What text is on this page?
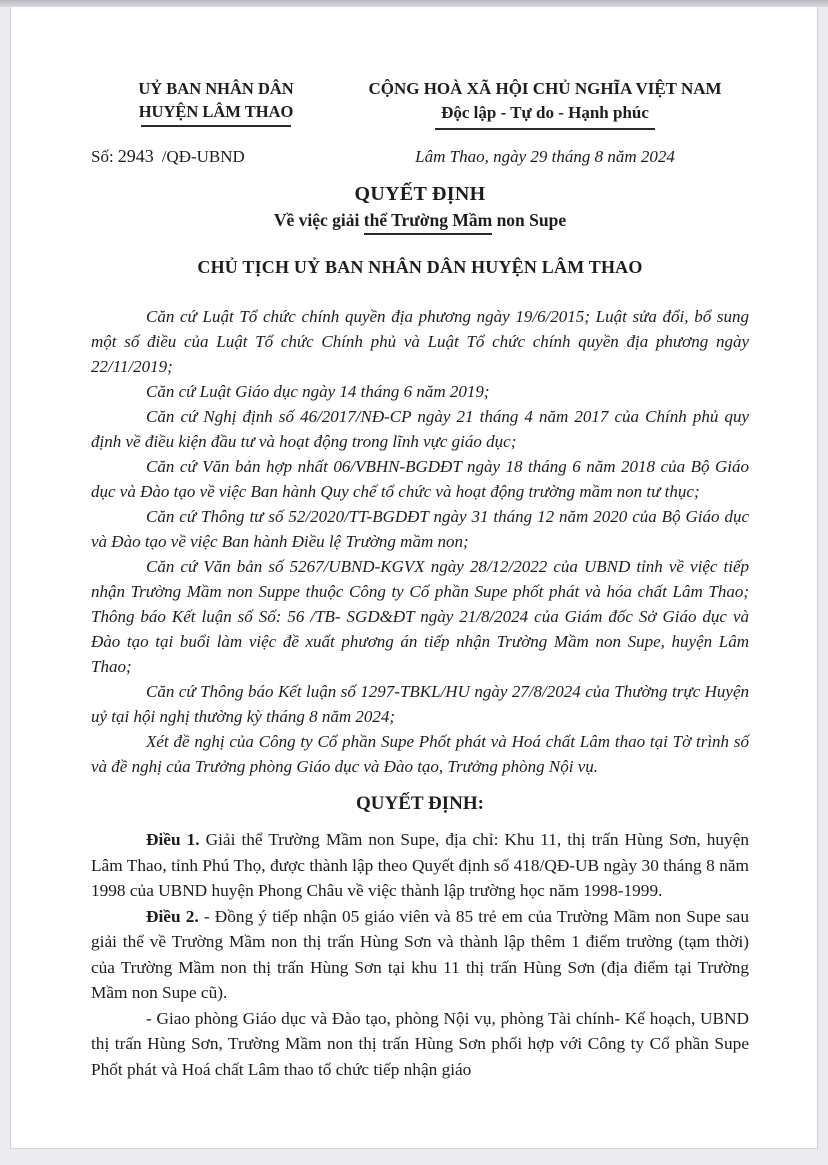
UỶ BAN NHÂN DÂN
HUYỆN LÂM THAO
CỘNG HOÀ XÃ HỘI CHỦ NGHĨA VIỆT NAM
Độc lập - Tự do - Hạnh phúc
Số: 2943 /QĐ-UBND	Lâm Thao, ngày 29 tháng 8 năm 2024
QUYẾT ĐỊNH
Về việc giải thể Trường Mầm non Supe
CHỦ TỊCH UỶ BAN NHÂN DÂN HUYỆN LÂM THAO

Căn cứ Luật Tổ chức chính quyền địa phương ngày 19/6/2015; Luật sửa đổi, bổ sung một số điều của Luật Tổ chức Chính phủ và Luật Tổ chức chính quyền địa phương ngày 22/11/2019;

Căn cứ Luật Giáo dục ngày 14 tháng 6 năm 2019;

Căn cứ Nghị định số 46/2017/NĐ-CP ngày 21 tháng 4 năm 2017 của Chính phủ quy định về điều kiện đầu tư và hoạt động trong lĩnh vực giáo dục;

Căn cứ Văn bản hợp nhất 06/VBHN-BGDĐT ngày 18 tháng 6 năm 2018 của Bộ Giáo dục và Đào tạo về việc Ban hành Quy chế tổ chức và hoạt động trường mầm non tư thục;

Căn cứ Thông tư số 52/2020/TT-BGDĐT ngày 31 tháng 12 năm 2020 của Bộ Giáo dục và Đào tạo về việc Ban hành Điều lệ Trường mầm non;

Căn cứ Văn bản số 5267/UBND-KGVX ngày 28/12/2022 của UBND tỉnh về việc tiếp nhận Trường Mầm non Suppe thuộc Công ty Cổ phần Supe phốt phát và hóa chất Lâm Thao; Thông báo Kết luận số Số: 56 /TB- SGD&ĐT ngày 21/8/2024 của Giám đốc Sở Giáo dục và Đào tạo tại buổi làm việc đề xuất phương án tiếp nhận Trường Mầm non Supe, huyện Lâm Thao;

Căn cứ Thông báo Kết luận số 1297-TBKL/HU ngày 27/8/2024 của Thường trực Huyện uỷ tại hội nghị thường kỳ tháng 8 năm 2024;

Xét đề nghị của Công ty Cổ phần Supe Phốt phát và Hoá chất Lâm thao tại Tờ trình số và đề nghị của Trưởng phòng Giáo dục và Đào tạo, Trưởng phòng Nội vụ.

QUYẾT ĐỊNH:

Điều 1. Giải thể Trường Mầm non Supe, địa chỉ: Khu 11, thị trấn Hùng Sơn, huyện Lâm Thao, tỉnh Phú Thọ, được thành lập theo Quyết định số 418/QĐ-UB ngày 30 tháng 8 năm 1998 của UBND huyện Phong Châu về việc thành lập trường học năm 1998-1999.

Điều 2. - Đồng ý tiếp nhận 05 giáo viên và 85 trẻ em của Trường Mầm non Supe sau giải thể về Trường Mầm non thị trấn Hùng Sơn và thành lập thêm 1 điểm trường (tạm thời) của Trường Mầm non thị trấn Hùng Sơn tại khu 11 thị trấn Hùng Sơn (địa điểm tại Trường Mầm non Supe cũ).

- Giao phòng Giáo dục và Đào tạo, phòng Nội vụ, phòng Tài chính- Kế hoạch, UBND thị trấn Hùng Sơn, Trường Mầm non thị trấn Hùng Sơn phối hợp với Công ty Cổ phần Supe Phốt phát và Hoá chất Lâm thao tổ chức tiếp nhận giáo
